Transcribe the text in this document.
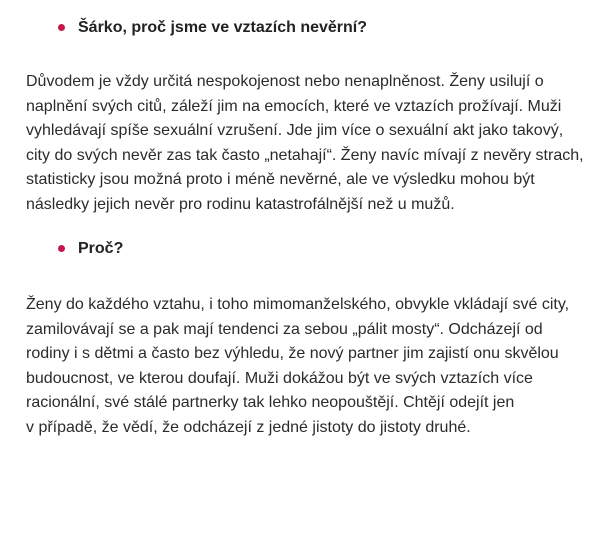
Šárko, proč jsme ve vztazích nevěrní?

Důvodem je vždy určitá nespokojenost nebo nenaplněnost. Ženy usilují o
naplnění svých citů, záleží jim na emocích, které ve vztazích prožívají. Muži
vyhledávají spíše sexuální vzrušení. Jde jim více o sexuální akt jako takový,
city do svých nevěr zas tak často „netahají“. Ženy navíc mívají z nevěry strach,
statisticky jsou možná proto i méně nevěrné, ale ve výsledku mohou být
následky jejich nevěr pro rodinu katastrofálnější než u mužů.

Proč?

Ženy do každého vztahu, i toho mimomanželského, obvykle vkládají své city,
zamilovávají se a pak mají tendenci za sebou „pálit mosty“. Odcházejí od
rodiny i s dětmi a často bez výhledu, že nový partner jim zajistí onu skvělou
budoucnost, ve kterou doufají. Muži dokážou být ve svých vztazích více
racionální, své stálé partnerky tak lehko neopouštějí. Chtějí odejít jen
v případě, že vědí, že odcházejí z jedné jistoty do jistoty druhé.
